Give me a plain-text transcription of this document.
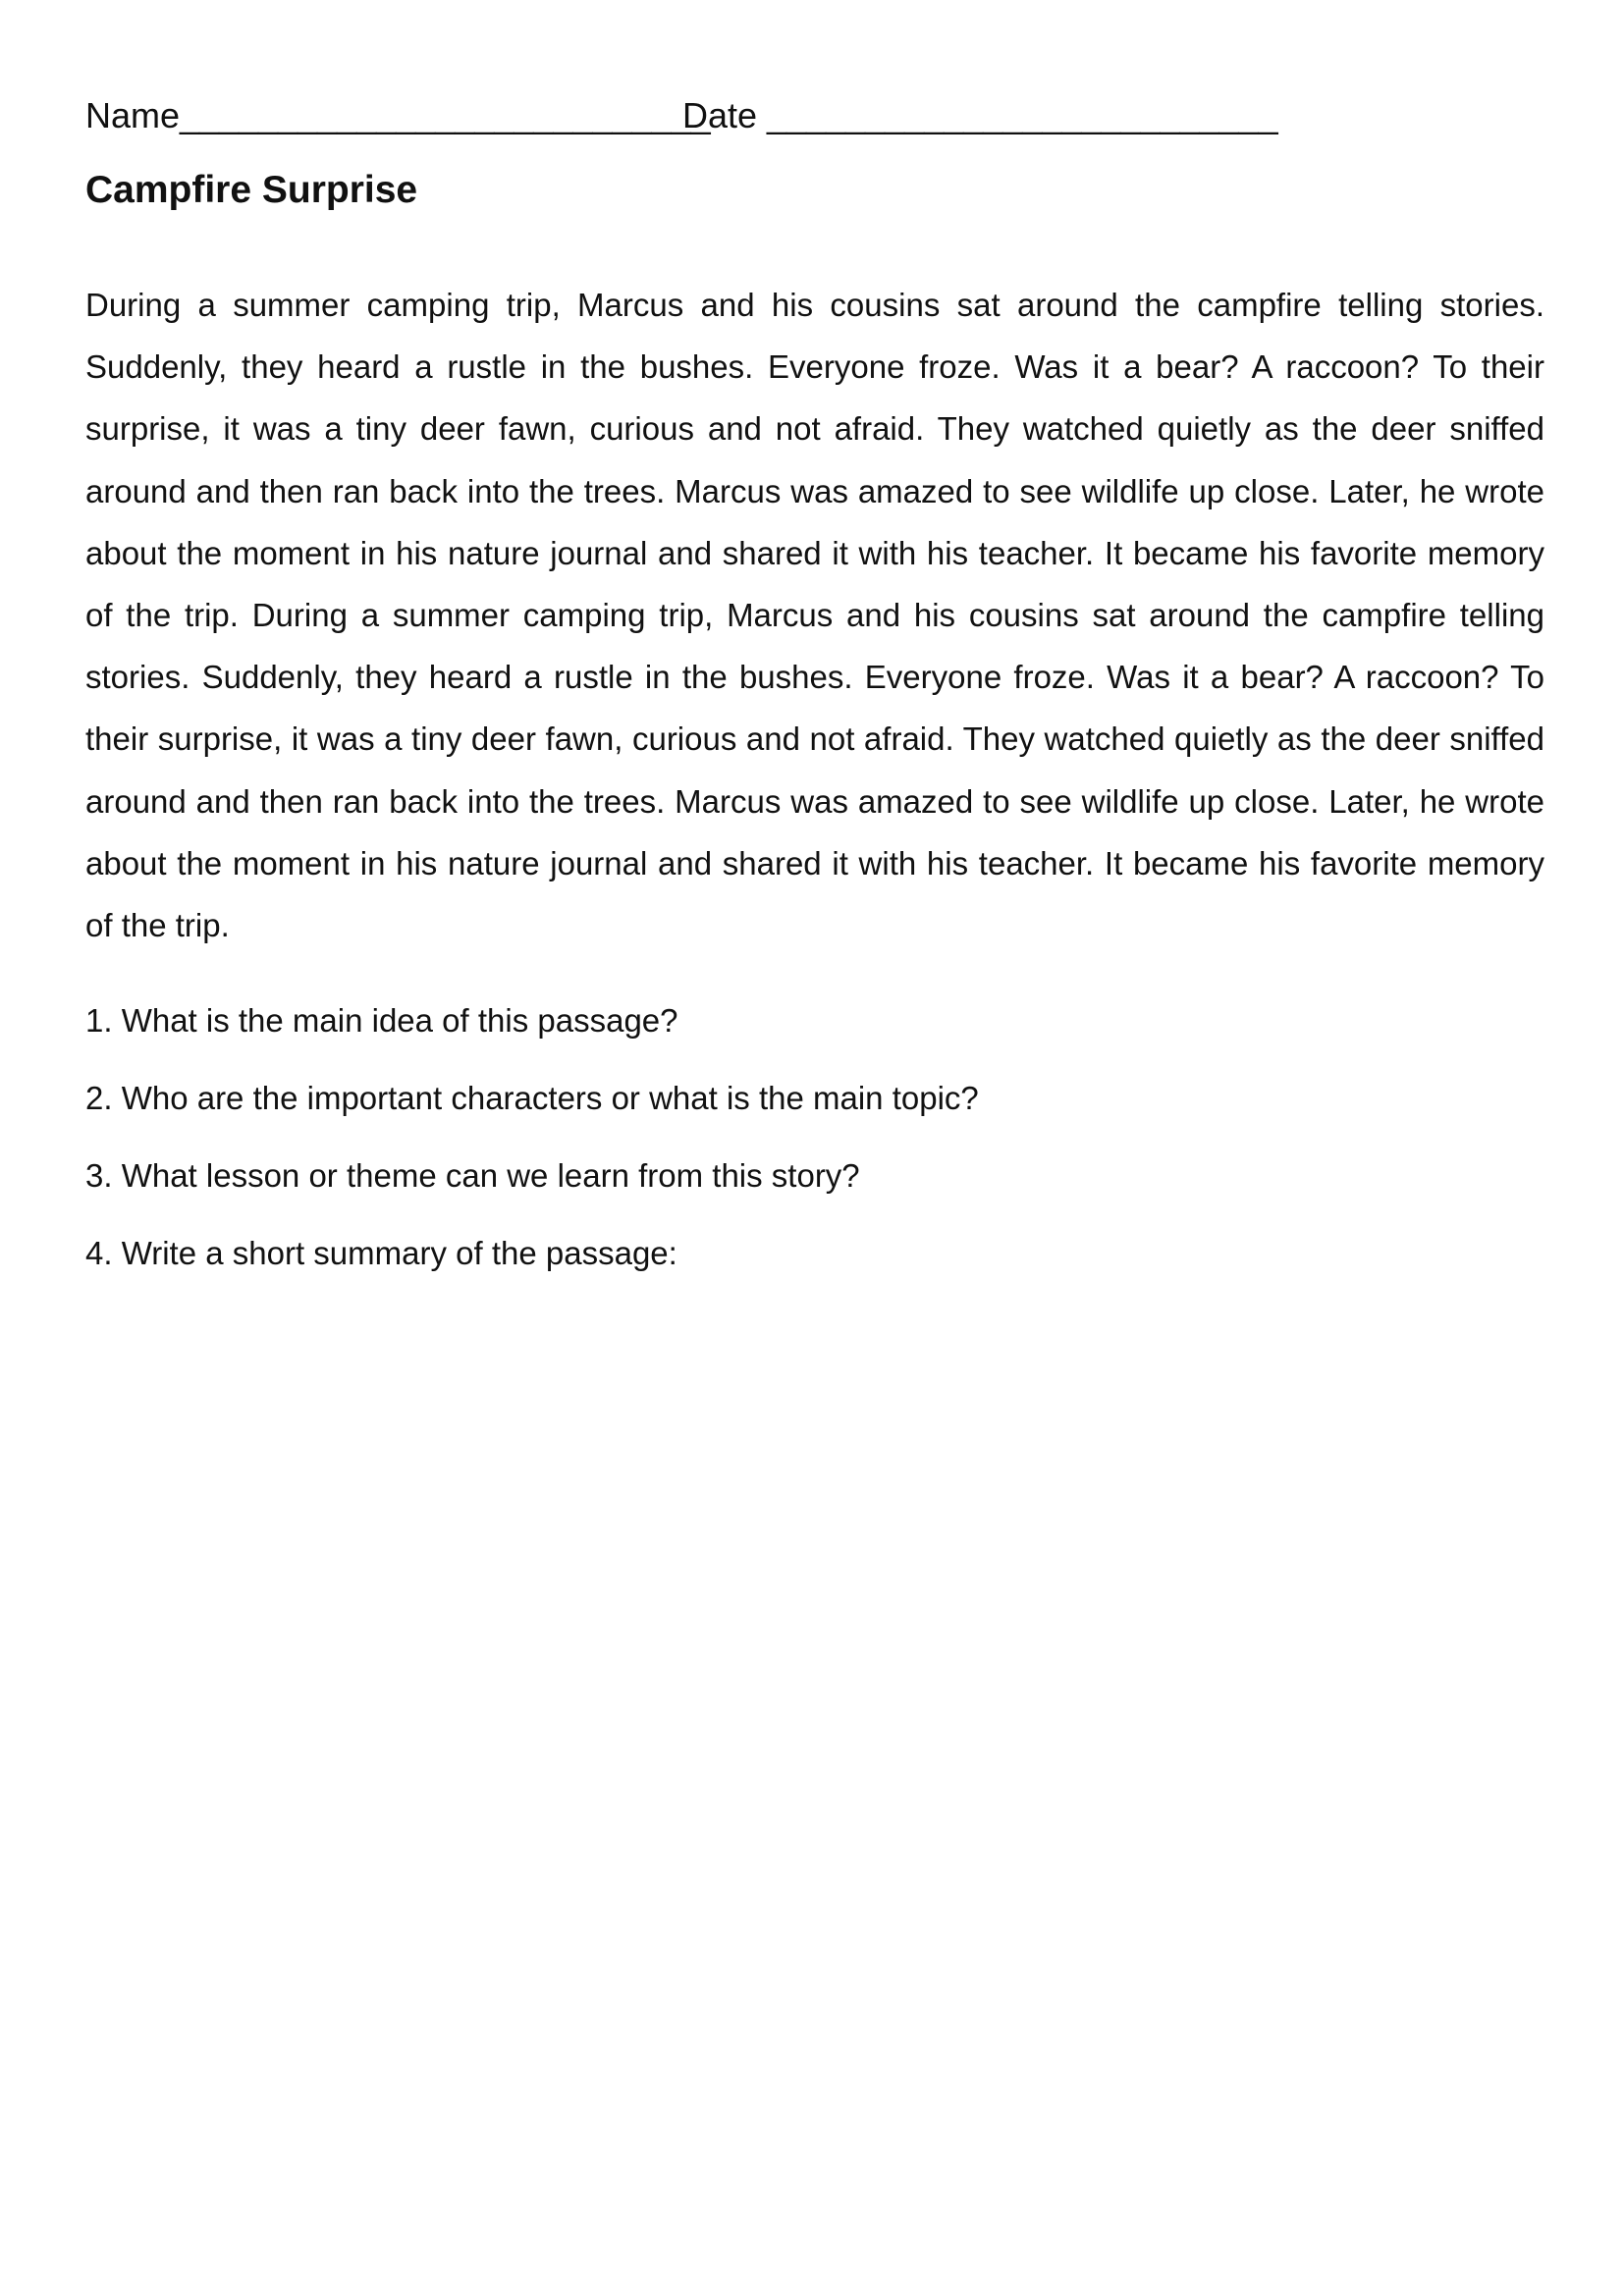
Name___________________________
Date __________________________
Campfire Surprise

During a summer camping trip, Marcus and his cousins sat around the campfire telling stories. Suddenly, they heard a rustle in the bushes. Everyone froze. Was it a bear? A raccoon? To their surprise, it was a tiny deer fawn, curious and not afraid. They watched quietly as the deer sniffed around and then ran back into the trees. Marcus was amazed to see wildlife up close. Later, he wrote about the moment in his nature journal and shared it with his teacher. It became his favorite memory of the trip. During a summer camping trip, Marcus and his cousins sat around the campfire telling stories. Suddenly, they heard a rustle in the bushes. Everyone froze. Was it a bear? A raccoon? To their surprise, it was a tiny deer fawn, curious and not afraid. They watched quietly as the deer sniffed around and then ran back into the trees. Marcus was amazed to see wildlife up close. Later, he wrote about the moment in his nature journal and shared it with his teacher. It became his favorite memory of the trip.

1. What is the main idea of this passage?
2. Who are the important characters or what is the main topic?
3. What lesson or theme can we learn from this story?
4. Write a short summary of the passage:
